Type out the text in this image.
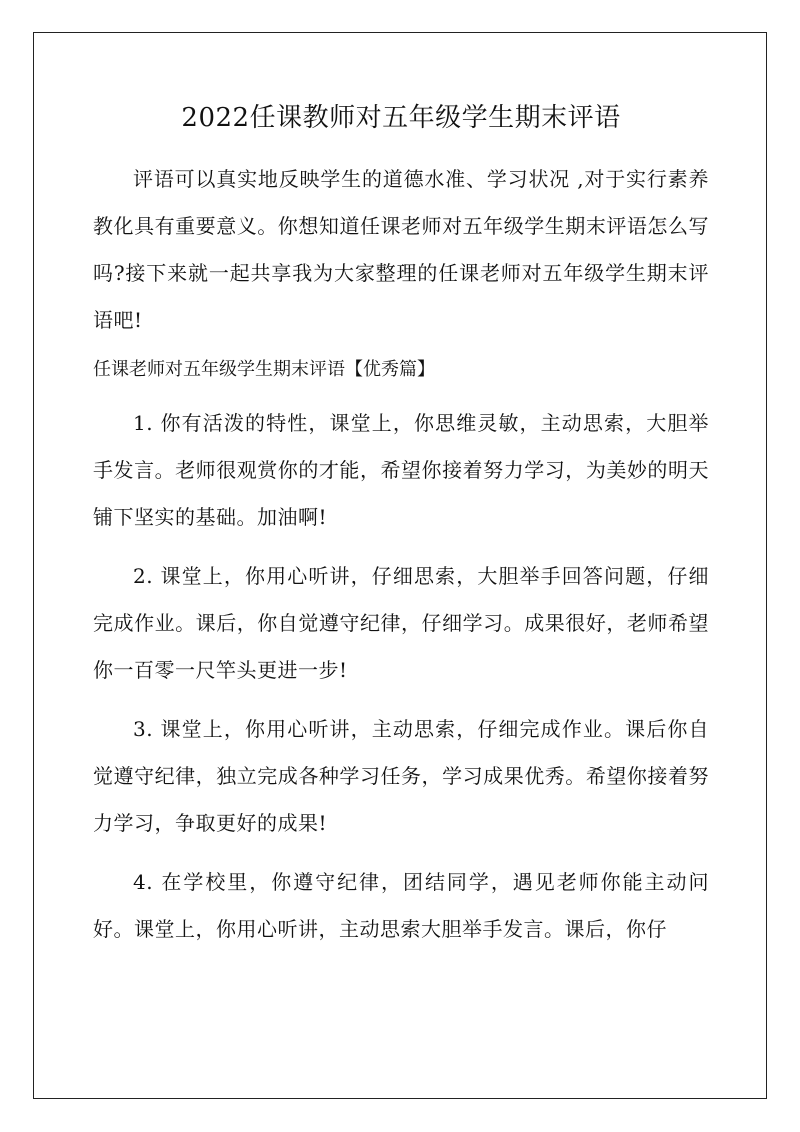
2022任课教师对五年级学生期末评语

评语可以真实地反映学生的道德水准、学习状况 ,对于实行素养教化具有重要意义。你想知道任课老师对五年级学生期末评语怎么写吗?接下来就一起共享我为大家整理的任课老师对五年级学生期末评语吧!

任课老师对五年级学生期末评语【优秀篇】

1. 你有活泼的特性，课堂上，你思维灵敏，主动思索，大胆举手发言。老师很观赏你的才能，希望你接着努力学习，为美妙的明天铺下坚实的基础。加油啊!

2. 课堂上，你用心听讲，仔细思索，大胆举手回答问题，仔细完成作业。课后，你自觉遵守纪律，仔细学习。成果很好，老师希望你一百零一尺竿头更进一步!

3. 课堂上，你用心听讲，主动思索，仔细完成作业。课后你自觉遵守纪律，独立完成各种学习任务，学习成果优秀。希望你接着努力学习，争取更好的成果!

4. 在学校里，你遵守纪律，团结同学，遇见老师你能主动问好。课堂上，你用心听讲，主动思索大胆举手发言。课后，你仔
